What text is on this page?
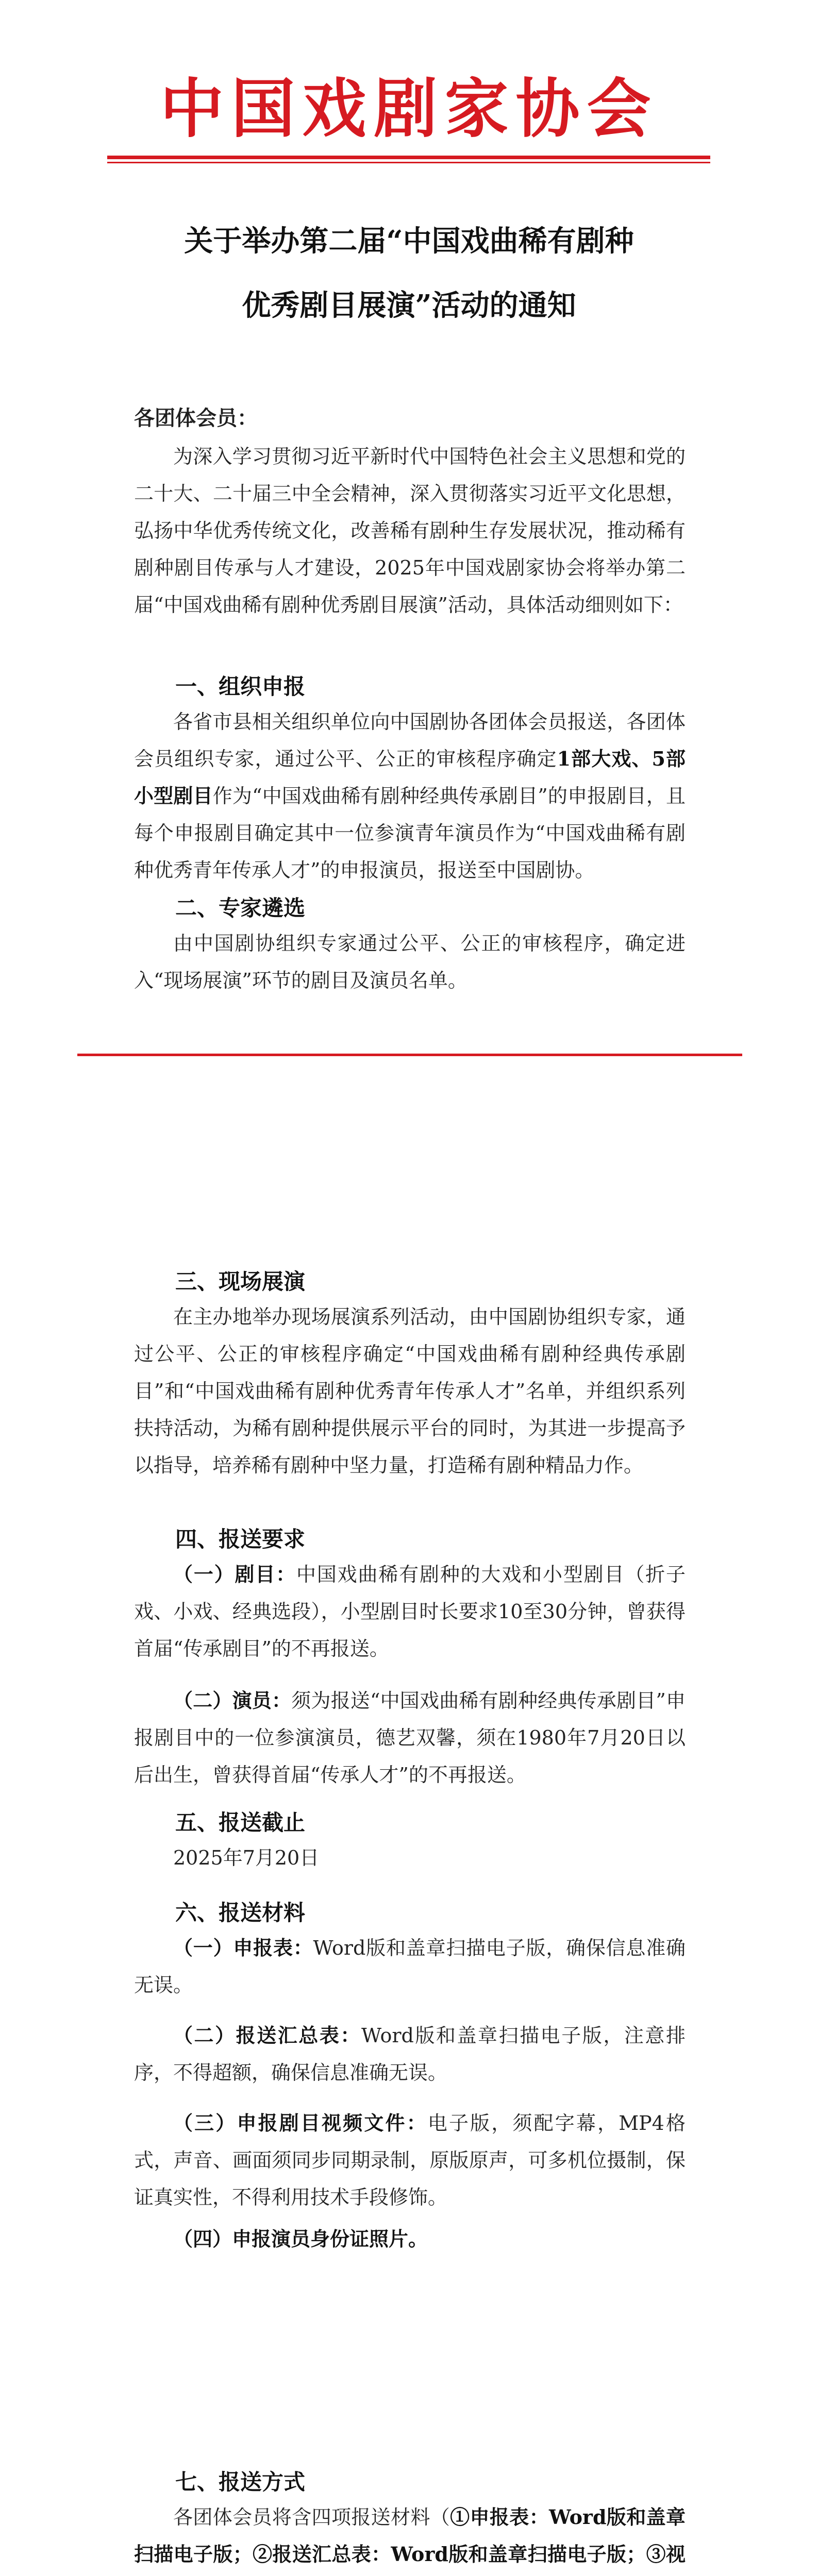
中国戏剧家协会
关于举办第二届“中国戏曲稀有剧种
优秀剧目展演”活动的通知
各团体会员：
为深入学习贯彻习近平新时代中国特色社会主义思想和党的二十大、二十届三中全会精神，深入贯彻落实习近平文化思想，弘扬中华优秀传统文化，改善稀有剧种生存发展状况，推动稀有剧种剧目传承与人才建设，2025年中国戏剧家协会将举办第二届“中国戏曲稀有剧种优秀剧目展演”活动，具体活动细则如下：
一、组织申报
各省市县相关组织单位向中国剧协各团体会员报送，各团体会员组织专家，通过公平、公正的审核程序确定1部大戏、5部小型剧目作为“中国戏曲稀有剧种经典传承剧目”的申报剧目，且每个申报剧目确定其中一位参演青年演员作为“中国戏曲稀有剧种优秀青年传承人才”的申报演员，报送至中国剧协。
二、专家遴选
由中国剧协组织专家通过公平、公正的审核程序，确定进入“现场展演”环节的剧目及演员名单。
三、现场展演
在主办地举办现场展演系列活动，由中国剧协组织专家，通过公平、公正的审核程序确定“中国戏曲稀有剧种经典传承剧目”和“中国戏曲稀有剧种优秀青年传承人才”名单，并组织系列扶持活动，为稀有剧种提供展示平台的同时，为其进一步提高予以指导，培养稀有剧种中坚力量，打造稀有剧种精品力作。
四、报送要求
（一）剧目：中国戏曲稀有剧种的大戏和小型剧目（折子戏、小戏、经典选段），小型剧目时长要求10至30分钟，曾获得首届“传承剧目”的不再报送。
（二）演员：须为报送“中国戏曲稀有剧种经典传承剧目”申报剧目中的一位参演演员，德艺双馨，须在1980年7月20日以后出生，曾获得首届“传承人才”的不再报送。
五、报送截止
2025年7月20日
六、报送材料
（一）申报表：Word版和盖章扫描电子版，确保信息准确无误。
（二）报送汇总表：Word版和盖章扫描电子版，注意排序，不得超额，确保信息准确无误。
（三）申报剧目视频文件：电子版，须配字幕，MP4格式，声音、画面须同步同期录制，原版原声，可多机位摄制，保证真实性，不得利用技术手段修饰。
（四）申报演员身份证照片。
七、报送方式
各团体会员将含四项报送材料（①申报表：Word版和盖章扫描电子版；②报送汇总表：Word版和盖章扫描电子版；③视
